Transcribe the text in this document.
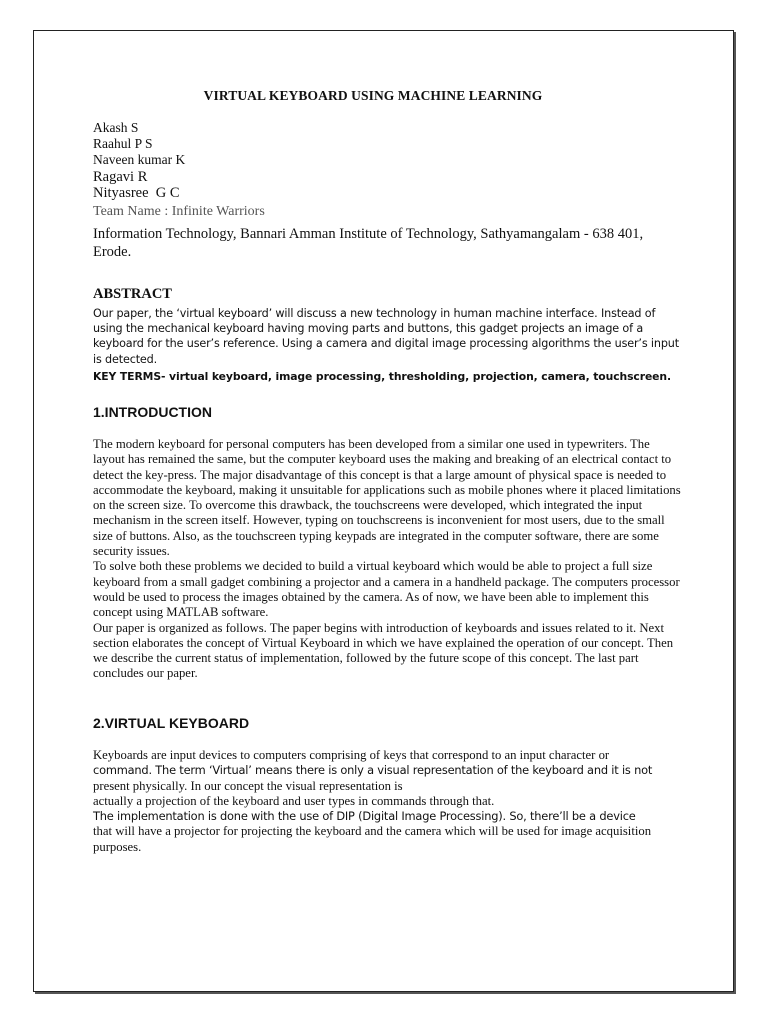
VIRTUAL KEYBOARD USING MACHINE LEARNING
Akash S
Raahul P S
Naveen kumar K
Ragavi R
Nityasree  G C
Team Name : Infinite Warriors
Information Technology, Bannari Amman Institute of Technology, Sathyamangalam - 638 401, Erode.
ABSTRACT
Our paper, the ‘virtual keyboard’ will discuss a new technology in human machine interface. Instead of using the mechanical keyboard having moving parts and buttons, this gadget projects an image of a keyboard for the user’s reference. Using a camera and digital image processing algorithms the user’s input is detected.
KEY TERMS- virtual keyboard, image processing, thresholding, projection, camera, touchscreen.
1.INTRODUCTION

The modern keyboard for personal computers has been developed from a similar one used in typewriters. The layout has remained the same, but the computer keyboard uses the making and breaking of an electrical contact to detect the key-press. The major disadvantage of this concept is that a large amount of physical space is needed to accommodate the keyboard, making it unsuitable for applications such as mobile phones where it placed limitations on the screen size. To overcome this drawback, the touchscreens were developed, which integrated the input mechanism in the screen itself. However, typing on touchscreens is inconvenient for most users, due to the small size of buttons. Also, as the touchscreen typing keypads are integrated in the computer software, there are some security issues.

To solve both these problems we decided to build a virtual keyboard which would be able to project a full size keyboard from a small gadget combining a projector and a camera in a handheld package. The computers processor would be used to process the images obtained by the camera. As of now, we have been able to implement this concept using MATLAB software.

Our paper is organized as follows. The paper begins with introduction of keyboards and issues related to it. Next section elaborates the concept of Virtual Keyboard in which we have explained the operation of our concept. Then we describe the current status of implementation, followed by the future scope of this concept. The last part concludes our paper.

2.VIRTUAL KEYBOARD

Keyboards are input devices to computers comprising of keys that correspond to an input character or

command. The term ‘Virtual’ means there is only a visual representation of the keyboard and it is not

present physically. In our concept the visual representation is

actually a projection of the keyboard and user types in commands through that.

The implementation is done with the use of DIP (Digital Image Processing). So, there’ll be a device

that will have a projector for projecting the keyboard and the camera which will be used for image acquisition purposes.
